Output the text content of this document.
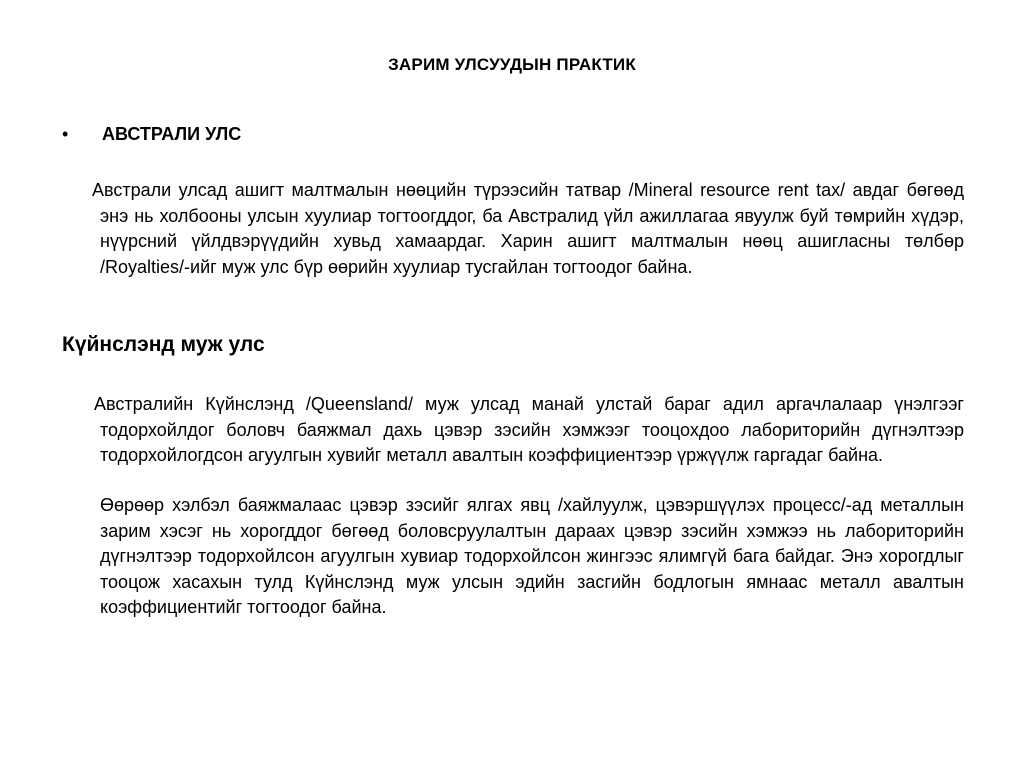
ЗАРИМ УЛСУУДЫН ПРАКТИК
•	АВСТРАЛИ УЛС
Австрали улсад ашигт малтмалын нөөцийн түрээсийн татвар /Mineral resource rent tax/ авдаг бөгөөд энэ нь холбооны улсын хуулиар тогтоогддог, ба Австралид үйл ажиллагаа явуулж буй төмрийн хүдэр, нүүрсний үйлдвэрүүдийн хувьд хамаардаг. Харин ашигт малтмалын нөөц ашигласны төлбөр /Royalties/-ийг муж улс бүр өөрийн хуулиар тусгайлан тогтоодог байна.
Күйнслэнд муж улс
Австралийн Күйнслэнд /Queensland/ муж улсад манай улстай бараг адил аргачлалаар үнэлгээг тодорхойлдог боловч баяжмал дахь цэвэр зэсийн хэмжээг тооцохдоо лабориторийн дүгнэлтээр тодорхойлогдсон агуулгын хувийг металл авалтын коэффициентээр үржүүлж гаргадаг байна.
Өөрөөр хэлбэл баяжмалаас цэвэр зэсийг ялгах явц /хайлуулж, цэвэршүүлэх процесс/-ад металлын зарим хэсэг нь хорогддог бөгөөд боловсруулалтын дараах цэвэр зэсийн хэмжээ нь лабориторийн дүгнэлтээр тодорхойлсон агуулгын хувиар тодорхойлсон жингээс ялимгүй бага байдаг. Энэ хорогдлыг тооцож хасахын тулд Күйнслэнд муж улсын эдийн засгийн бодлогын ямнаас металл авалтын коэффициентийг тогтоодог байна.
